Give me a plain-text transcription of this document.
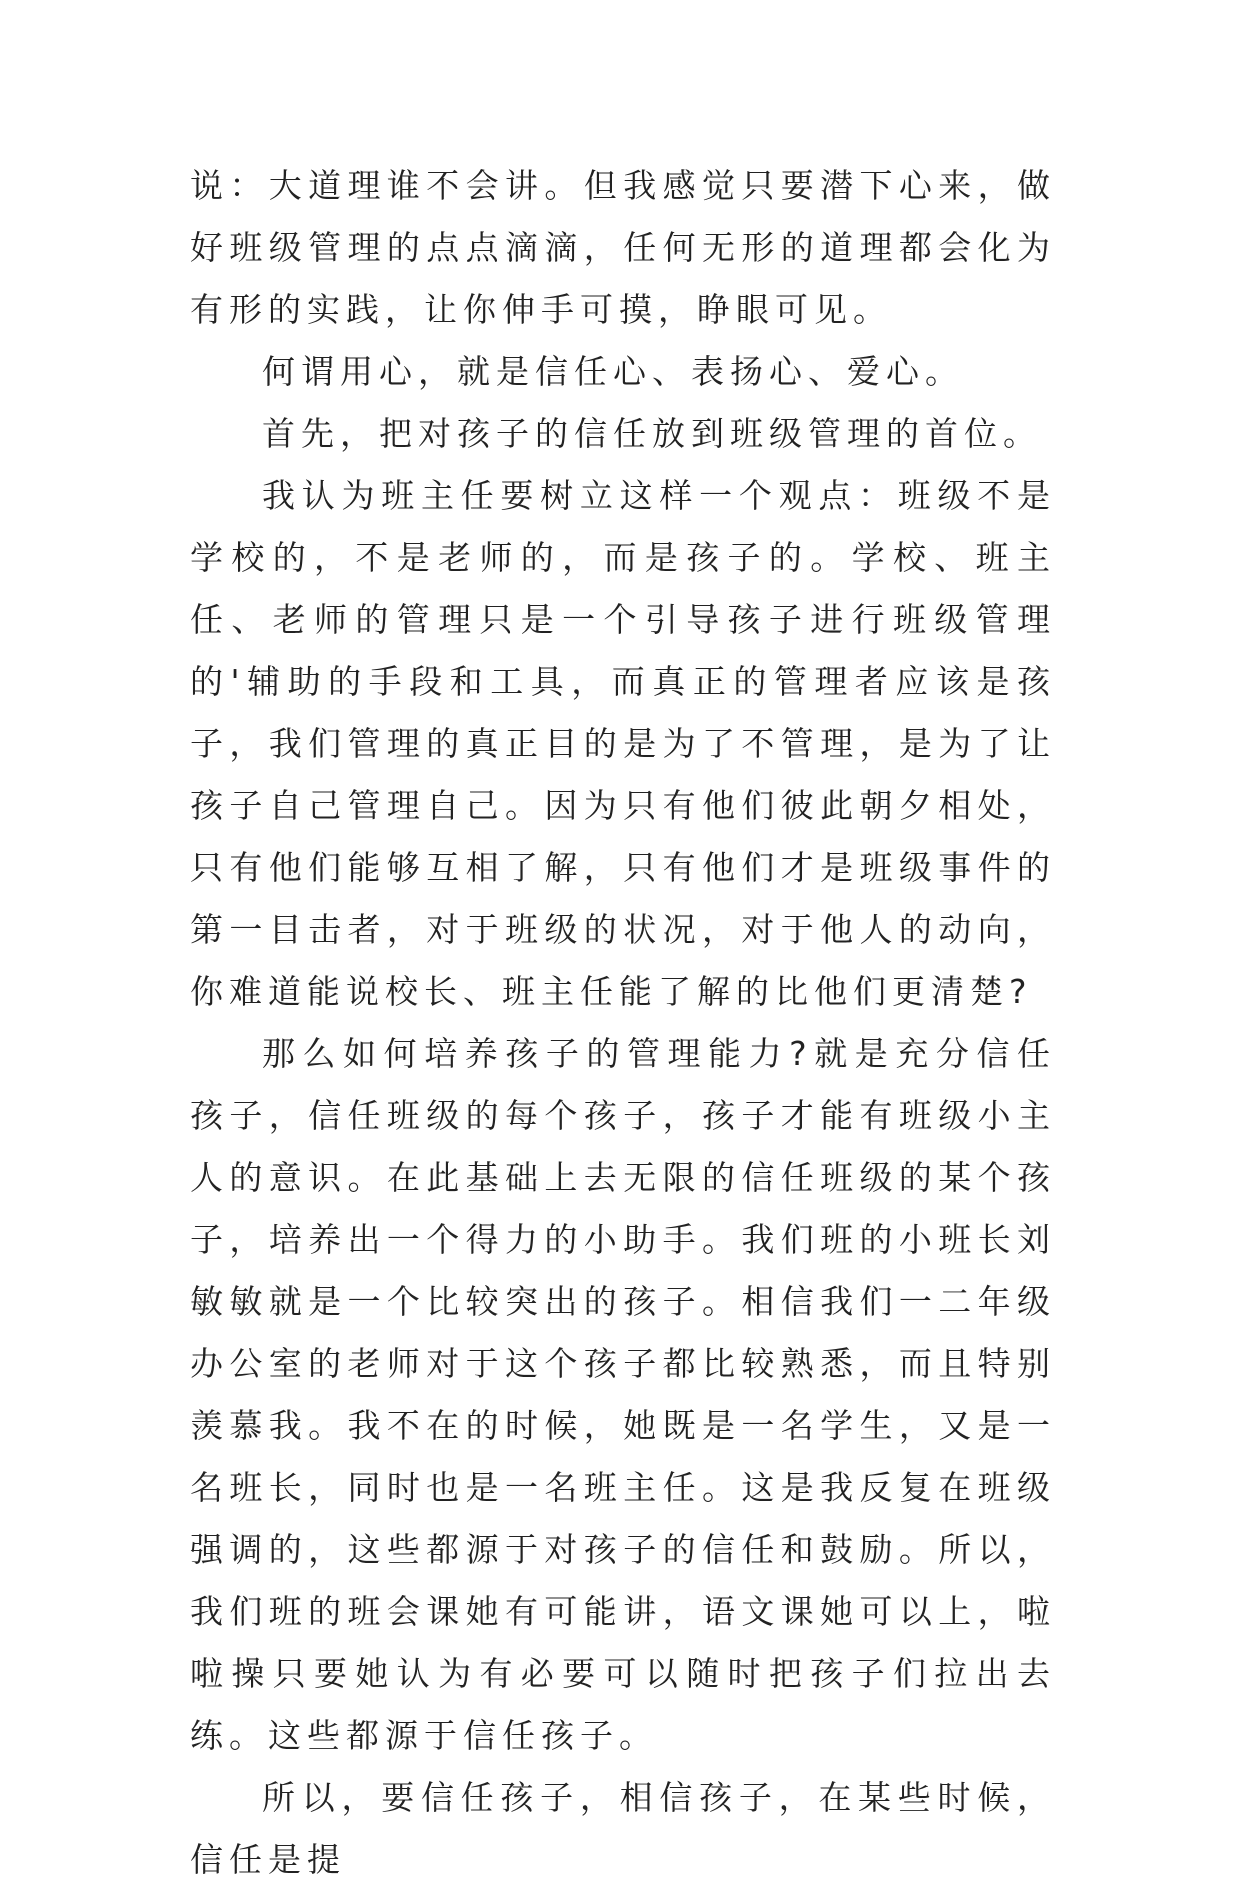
说：大道理谁不会讲。但我感觉只要潜下心来，做好班级管理的点点滴滴，任何无形的道理都会化为有形的实践，让你伸手可摸，睁眼可见。

何谓用心，就是信任心、表扬心、爱心。

首先，把对孩子的信任放到班级管理的首位。

我认为班主任要树立这样一个观点：班级不是学校的，不是老师的，而是孩子的。学校、班主任、老师的管理只是一个引导孩子进行班级管理的'辅助的手段和工具，而真正的管理者应该是孩子，我们管理的真正目的是为了不管理，是为了让孩子自己管理自己。因为只有他们彼此朝夕相处，只有他们能够互相了解，只有他们才是班级事件的第一目击者，对于班级的状况，对于他人的动向，你难道能说校长、班主任能了解的比他们更清楚?

那么如何培养孩子的管理能力?就是充分信任孩子，信任班级的每个孩子，孩子才能有班级小主人的意识。在此基础上去无限的信任班级的某个孩子，培养出一个得力的小助手。我们班的小班长刘敏敏就是一个比较突出的孩子。相信我们一二年级办公室的老师对于这个孩子都比较熟悉，而且特别羡慕我。我不在的时候，她既是一名学生，又是一名班长，同时也是一名班主任。这是我反复在班级强调的，这些都源于对孩子的信任和鼓励。所以，我们班的班会课她有可能讲，语文课她可以上，啦啦操只要她认为有必要可以随时把孩子们拉出去练。这些都源于信任孩子。

所以，要信任孩子，相信孩子，在某些时候，信任是提
